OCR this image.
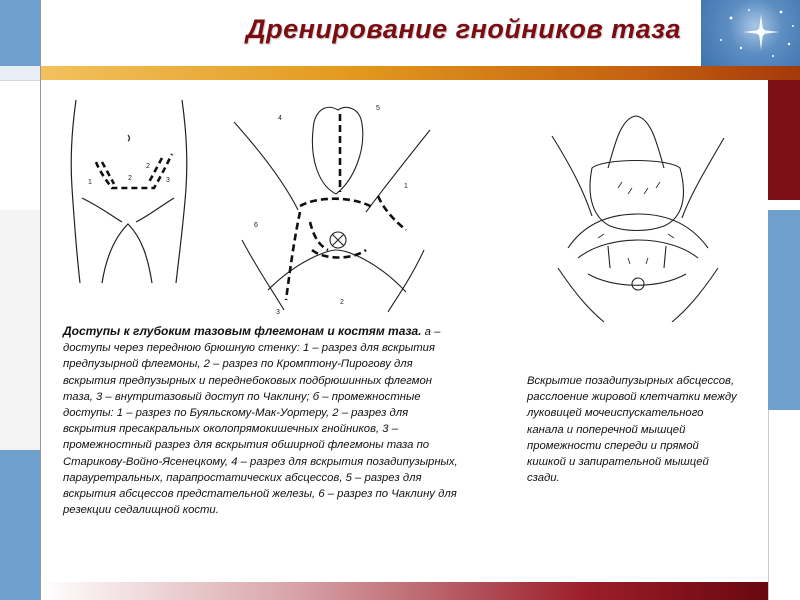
Дренирование гнойников таза
1
2
3
2
4
5
1
6
3
2
Доступы к глубоким тазовым флегмонам и костям таза. а – доступы через переднюю брюшную стенку: 1 – разрез для вскрытия предпузырной флегмоны, 2 – разрез по Кромптону-Пирогову для вскрытия предпузырных и переднебоковых подбрюшинных флегмон таза, 3 – внутритазовый доступ по Чаклину; б – промежностные доступы: 1 – разрез по Буяльскому-Мак-Уортеру, 2 – разрез для вскрытия пресакральных околопрямокишечных гнойников, 3 – промежностный разрез для вскрытия обширной флегмоны таза по Старикову-Войно-Ясенецкому, 4 – разрез для вскрытия позадипузырных, парауретральных, парапростатических абсцессов, 5 – разрез для вскрытия абсцессов предстательной железы, 6 – разрез по Чаклину для резекции седалищной кости.
Вскрытие позадипузырных абсцессов, расслоение жировой клетчатки между луковицей мочеиспускательного канала и поперечной мышцей промежности спереди и прямой кишкой и запирательной мышцей сзади.
